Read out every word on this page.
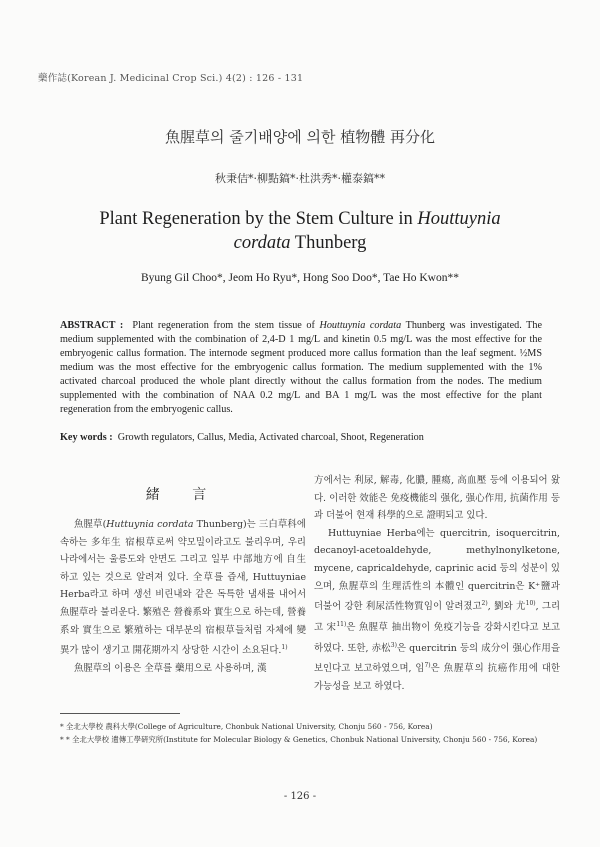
藥作誌(Korean J. Medicinal Crop Sci.) 4(2) : 126 - 131
魚腥草의 줄기배양에 의한 植物體 再分化
秋秉佶*·柳點鎬*·杜洪秀*·權泰鎬**
Plant Regeneration by the Stem Culture in Houttuynia
cordata Thunberg
Byung Gil Choo*, Jeom Ho Ryu*, Hong Soo Doo*, Tae Ho Kwon**
ABSTRACT : Plant regeneration from the stem tissue of Houttuynia cordata Thunberg was investigated. The medium supplemented with the combination of 2,4-D 1 mg/L and kinetin 0.5 mg/L was the most effective for the embryogenic callus formation. The internode segment produced more callus formation than the leaf segment. ½MS medium was the most effective for the embryogenic callus formation. The medium supplemented with the 1% activated charcoal produced the whole plant directly without the callus formation from the nodes. The medium supplemented with the combination of NAA 0.2 mg/L and BA 1 mg/L was the most effective for the plant regeneration from the embryogenic callus.
Key words : Growth regulators, Callus, Media, Activated charcoal, Shoot, Regeneration
緒 言

魚腥草(Huttuynia cordata Thunberg)는 三白草科에 속하는 多年生 宿根草로써 약모밀이라고도 불리우며, 우리나라에서는 울릉도와 안면도 그리고 일부 中部地方에 自生하고 있는 것으로 알려져 있다. 全草를 즙새, Huttuyniae Herba라고 하며 생선 비린내와 같은 독특한 냄새를 내어서 魚腥草라 불리운다. 繁殖은 營養系와 實生으로 하는데, 營養系와 實生으로 繁殖하는 대부분의 宿根草들처럼 자체에 變異가 많이 생기고 開花期까지 상당한 시간이 소요된다.$^{1)}$

魚腥草의 이용은 全草를 藥用으로 사용하며, 漢

方에서는 利尿, 解毒, 化膿, 腫瘍, 高血壓 등에 이용되어 왔다. 이러한 效能은 免疫機能의 强化, 强心作用, 抗菌作用 등과 더불어 현재 科學的으로 證明되고 있다.

Huttuyniae Herba에는 quercitrin, isoquercitrin, decanoyl-acetoaldehyde, methylnonylketone, mycene, capricaldehyde, caprinic acid 등의 성분이 있으며, 魚腥草의 生理活性의 本體인 quercitrin은 K⁺鹽과 더불어 강한 利尿活性物質임이 알려졌고$^{2)}$, 劉와 尤$^{10)}$, 그리고 宋$^{11)}$은 魚腥草 抽出物이 免疫기능을 강화시킨다고 보고하였다. 또한, 赤松$^{3)}$은 quercitrin 등의 成分이 强心作用을 보인다고 보고하였으며, 임$^{7)}$은 魚腥草의 抗癌作用에 대한 가능성을 보고 하였다.

* 全北大學校 農科大學(College of Agriculture, Chonbuk National University, Chonju 560 - 756, Korea)
* * 全北大學校 遺傳工學硏究所(Institute for Molecular Biology & Genetics, Chonbuk National University, Chonju 560 - 756, Korea)
- 126 -
